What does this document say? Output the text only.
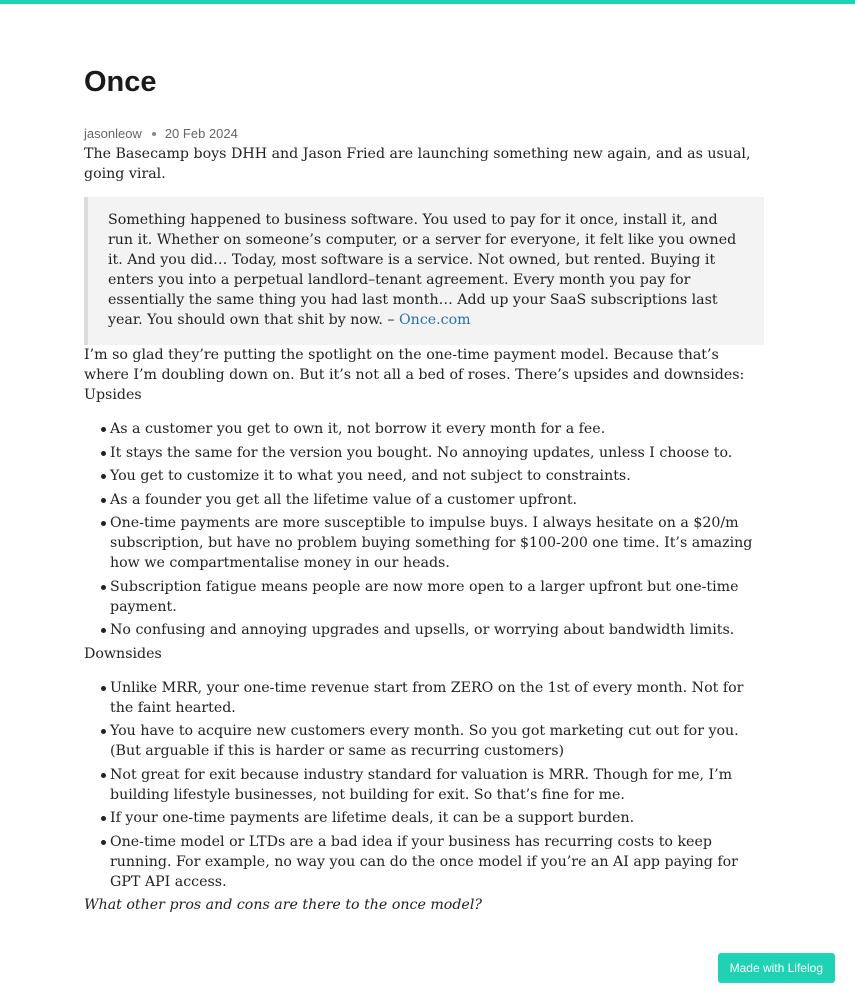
Once
jasonleow 20 Feb 2024

The Basecamp boys DHH and Jason Fried are launching something new again, and as usual, going viral.

Something happened to business software. You used to pay for it once, install it, and run it. Whether on someone’s computer, or a server for everyone, it felt like you owned it. And you did… Today, most software is a service. Not owned, but rented. Buying it enters you into a perpetual landlord–tenant agreement. Every month you pay for essentially the same thing you had last month… Add up your SaaS subscriptions last year. You should own that shit by now. – Once.com

I’m so glad they’re putting the spotlight on the one-time payment model. Because that’s where I’m doubling down on. But it’s not all a bed of roses. There’s upsides and downsides:

Upsides

As a customer you get to own it, not borrow it every month for a fee.
It stays the same for the version you bought. No annoying updates, unless I choose to.
You get to customize it to what you need, and not subject to constraints.
As a founder you get all the lifetime value of a customer upfront.
One-time payments are more susceptible to impulse buys. I always hesitate on a $20/m subscription, but have no problem buying something for $100-200 one time. It’s amazing how we compartmentalise money in our heads.
Subscription fatigue means people are now more open to a larger upfront but one-time payment.
No confusing and annoying upgrades and upsells, or worrying about bandwidth limits.

Downsides

Unlike MRR, your one-time revenue start from ZERO on the 1st of every month. Not for the faint hearted.
You have to acquire new customers every month. So you got marketing cut out for you. (But arguable if this is harder or same as recurring customers)
Not great for exit because industry standard for valuation is MRR. Though for me, I’m building lifestyle businesses, not building for exit. So that’s fine for me.
If your one-time payments are lifetime deals, it can be a support burden.
One-time model or LTDs are a bad idea if your business has recurring costs to keep running. For example, no way you can do the once model if you’re an AI app paying for GPT API access.

What other pros and cons are there to the once model?

Made with Lifelog
